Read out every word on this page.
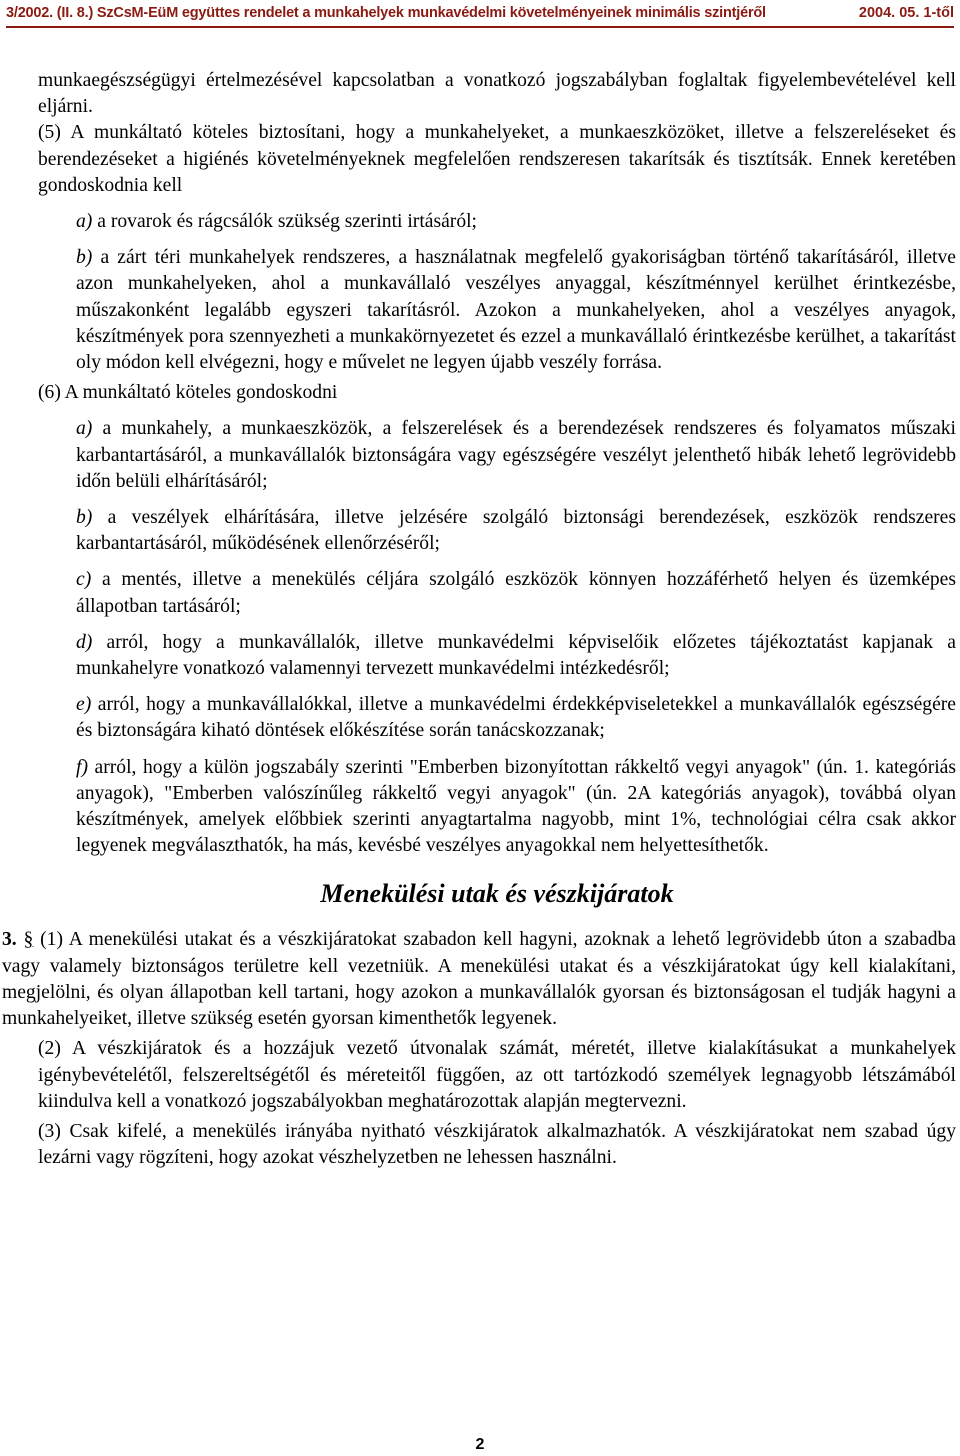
3/2002. (II. 8.) SzCsM-EüM együttes rendelet a munkahelyek munkavédelmi követelményeinek minimális szintjéről	2004. 05. 1-től

munkaegészségügyi értelmezésével kapcsolatban a vonatkozó jogszabályban foglaltak figyelembevételével kell eljárni.

(5) A munkáltató köteles biztosítani, hogy a munkahelyeket, a munkaeszközöket, illetve a felszereléseket és berendezéseket a higiénés követelményeknek megfelelően rendszeresen takarítsák és tisztítsák. Ennek keretében gondoskodnia kell

a) a rovarok és rágcsálók szükség szerinti irtásáról;

b) a zárt téri munkahelyek rendszeres, a használatnak megfelelő gyakoriságban történő takarításáról, illetve azon munkahelyeken, ahol a munkavállaló veszélyes anyaggal, készítménnyel kerülhet érintkezésbe, műszakonként legalább egyszeri takarításról. Azokon a munkahelyeken, ahol a veszélyes anyagok, készítmények pora szennyezheti a munkakörnyezetet és ezzel a munkavállaló érintkezésbe kerülhet, a takarítást oly módon kell elvégezni, hogy e művelet ne legyen újabb veszély forrása.

(6) A munkáltató köteles gondoskodni

a) a munkahely, a munkaeszközök, a felszerelések és a berendezések rendszeres és folyamatos műszaki karbantartásáról, a munkavállalók biztonságára vagy egészségére veszélyt jelenthető hibák lehető legrövidebb időn belüli elhárításáról;

b) a veszélyek elhárítására, illetve jelzésére szolgáló biztonsági berendezések, eszközök rendszeres karbantartásáról, működésének ellenőrzéséről;

c) a mentés, illetve a menekülés céljára szolgáló eszközök könnyen hozzáférhető helyen és üzemképes állapotban tartásáról;

d) arról, hogy a munkavállalók, illetve munkavédelmi képviselőik előzetes tájékoztatást kapjanak a munkahelyre vonatkozó valamennyi tervezett munkavédelmi intézkedésről;

e) arról, hogy a munkavállalókkal, illetve a munkavédelmi érdekképviseletekkel a munkavállalók egészségére és biztonságára kiható döntések előkészítése során tanácskozzanak;

f) arról, hogy a külön jogszabály szerinti "Emberben bizonyítottan rákkeltő vegyi anyagok" (ún. 1. kategóriás anyagok), "Emberben valószínűleg rákkeltő vegyi anyagok" (ún. 2A kategóriás anyagok), továbbá olyan készítmények, amelyek előbbiek szerinti anyagtartalma nagyobb, mint 1%, technológiai célra csak akkor legyenek megválaszthatók, ha más, kevésbé veszélyes anyagokkal nem helyettesíthetők.

Menekülési utak és vészkijáratok

3. § (1) A menekülési utakat és a vészkijáratokat szabadon kell hagyni, azoknak a lehető legrövidebb úton a szabadba vagy valamely biztonságos területre kell vezetniük. A menekülési utakat és a vészkijáratokat úgy kell kialakítani, megjelölni, és olyan állapotban kell tartani, hogy azokon a munkavállalók gyorsan és biztonságosan el tudják hagyni a munkahelyeiket, illetve szükség esetén gyorsan kimenthetők legyenek.

(2) A vészkijáratok és a hozzájuk vezető útvonalak számát, méretét, illetve kialakításukat a munkahelyek igénybevételétől, felszereltségétől és méreteitől függően, az ott tartózkodó személyek legnagyobb létszámából kiindulva kell a vonatkozó jogszabályokban meghatározottak alapján megtervezni.

(3) Csak kifelé, a menekülés irányába nyitható vészkijáratok alkalmazhatók. A vészkijáratokat nem szabad úgy lezárni vagy rögzíteni, hogy azokat vészhelyzetben ne lehessen használni.

2
